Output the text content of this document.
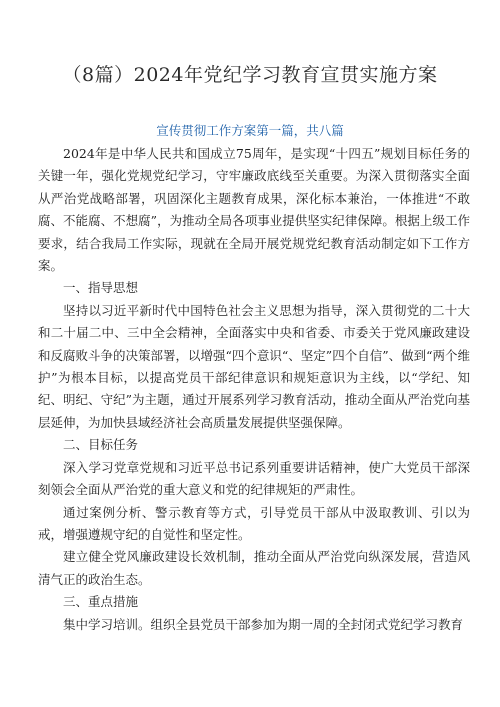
（8篇）2024年党纪学习教育宣贯实施方案
宣传贯彻工作方案第一篇，共八篇

2024年是中华人民共和国成立75周年，是实现“十四五”规划目标任务的关键一年，强化党规党纪学习，守牢廉政底线至关重要。为深入贯彻落实全面从严治党战略部署，巩固深化主题教育成果，深化标本兼治，一体推进“不敢腐、不能腐、不想腐”，为推动全局各项事业提供坚实纪律保障。根据上级工作要求，结合我局工作实际，现就在全局开展党规党纪教育活动制定如下工作方案。

一、指导思想

坚持以习近平新时代中国特色社会主义思想为指导，深入贯彻党的二十大和二十届二中、三中全会精神，全面落实中央和省委、市委关于党风廉政建设和反腐败斗争的决策部署，以增强“四个意识“、坚定”四个自信”、做到“两个维护”为根本目标，以提高党员干部纪律意识和规矩意识为主线，以“学纪、知纪、明纪、守纪”为主题，通过开展系列学习教育活动，推动全面从严治党向基层延伸，为加快县域经济社会高质量发展提供坚强保障。

二、目标任务

深入学习党章党规和习近平总书记系列重要讲话精神，使广大党员干部深刻领会全面从严治党的重大意义和党的纪律规矩的严肃性。

通过案例分析、警示教育等方式，引导党员干部从中汲取教训、引以为戒，增强遵规守纪的自觉性和坚定性。

建立健全党风廉政建设长效机制，推动全面从严治党向纵深发展，营造风清气正的政治生态。

三、重点措施

集中学习培训。组织全县党员干部参加为期一周的全封闭式党纪学习教育
